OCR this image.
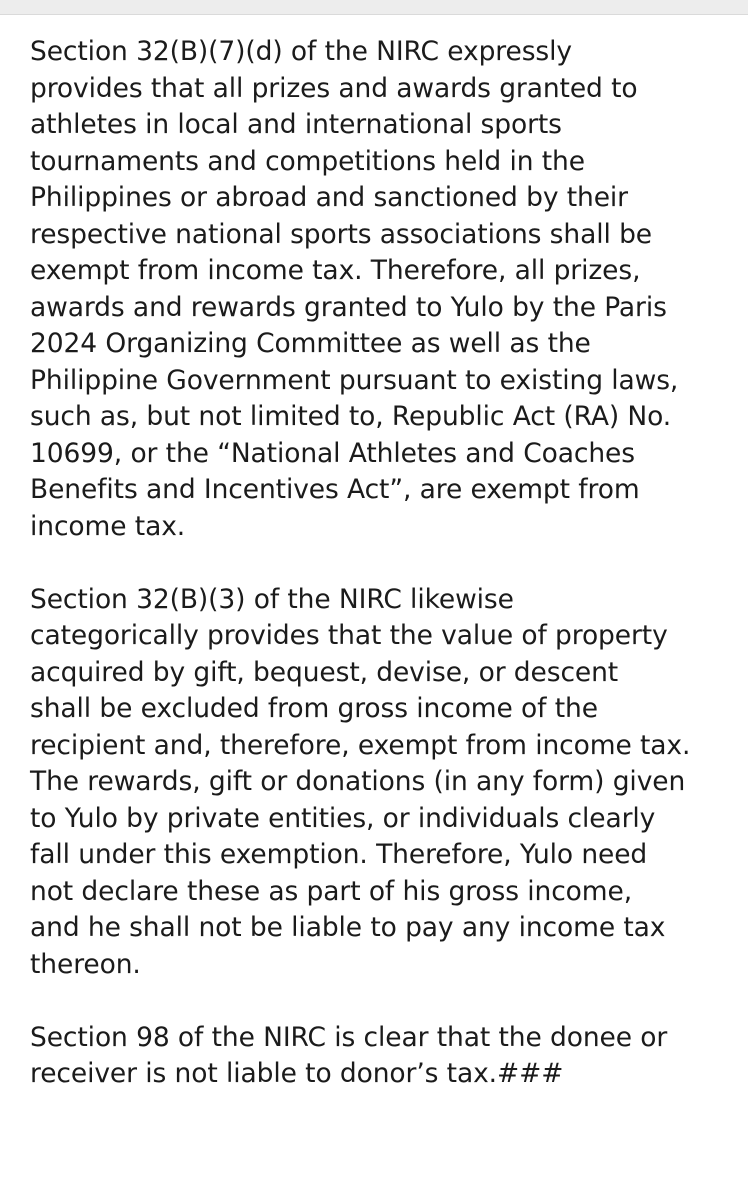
Section 32(B)(7)(d) of the NIRC expressly
provides that all prizes and awards granted to
athletes in local and international sports
tournaments and competitions held in the
Philippines or abroad and sanctioned by their
respective national sports associations shall be
exempt from income tax. Therefore, all prizes,
awards and rewards granted to Yulo by the Paris
2024 Organizing Committee as well as the
Philippine Government pursuant to existing laws,
such as, but not limited to, Republic Act (RA) No.
10699, or the “National Athletes and Coaches
Benefits and Incentives Act”, are exempt from
income tax.

Section 32(B)(3) of the NIRC likewise
categorically provides that the value of property
acquired by gift, bequest, devise, or descent
shall be excluded from gross income of the
recipient and, therefore, exempt from income tax.
The rewards, gift or donations (in any form) given
to Yulo by private entities, or individuals clearly
fall under this exemption. Therefore, Yulo need
not declare these as part of his gross income,
and he shall not be liable to pay any income tax
thereon.

Section 98 of the NIRC is clear that the donee or
receiver is not liable to donor’s tax.###
